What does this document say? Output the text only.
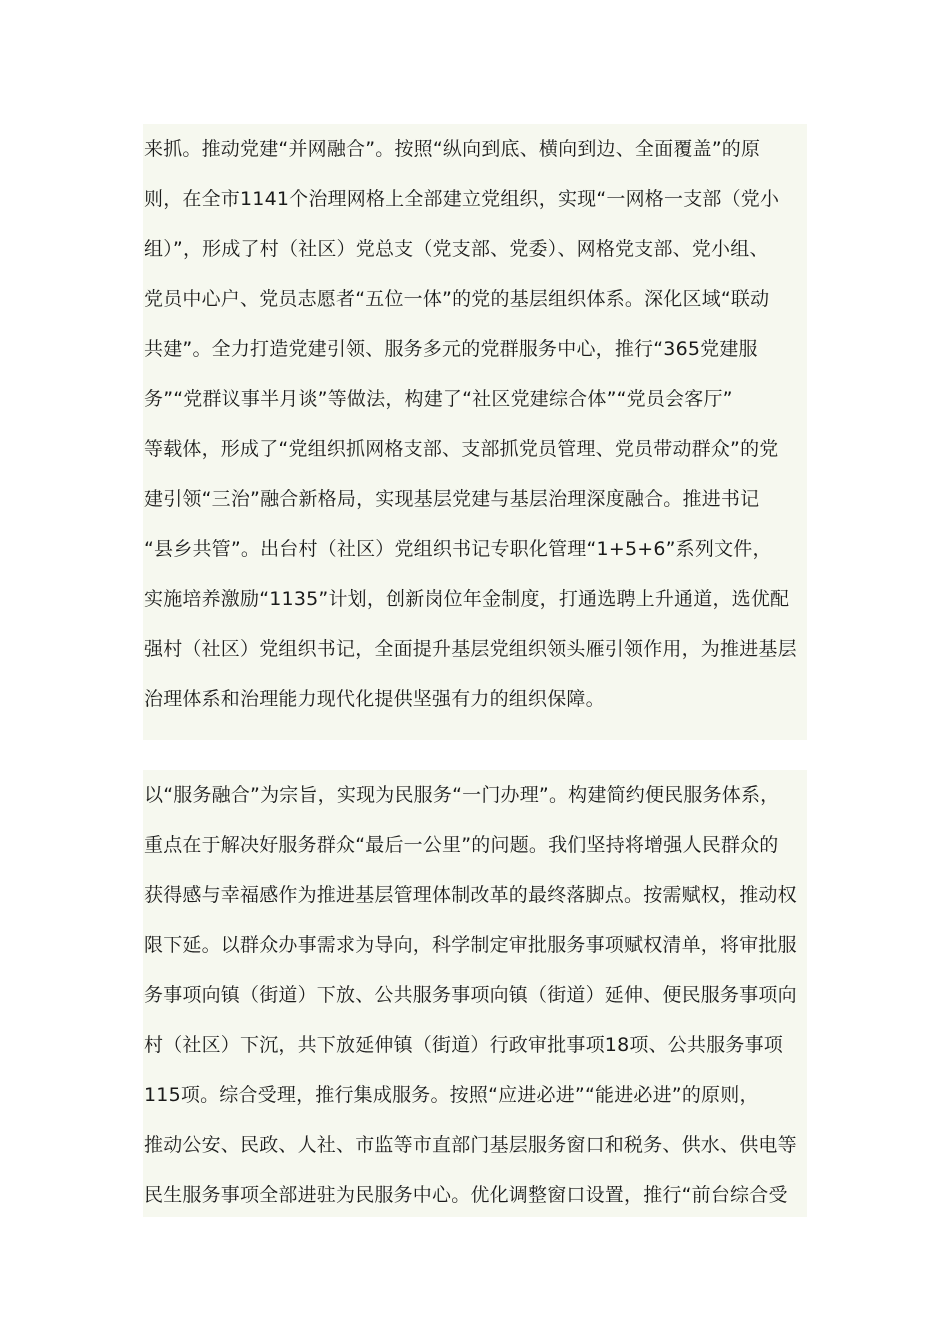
来抓。推动党建“并网融合”。按照“纵向到底、横向到边、全面覆盖”的原
则，在全市1141个治理网格上全部建立党组织，实现“一网格一支部（党小
组）”，形成了村（社区）党总支（党支部、党委）、网格党支部、党小组、
党员中心户、党员志愿者“五位一体”的党的基层组织体系。深化区域“联动
共建”。全力打造党建引领、服务多元的党群服务中心，推行“365党建服
务”“党群议事半月谈”等做法，构建了“社区党建综合体”“党员会客厅”
等载体，形成了“党组织抓网格支部、支部抓党员管理、党员带动群众”的党
建引领“三治”融合新格局，实现基层党建与基层治理深度融合。推进书记
“县乡共管”。出台村（社区）党组织书记专职化管理“1+5+6”系列文件，
实施培养激励“1135”计划，创新岗位年金制度，打通选聘上升通道，选优配
强村（社区）党组织书记，全面提升基层党组织领头雁引领作用，为推进基层
治理体系和治理能力现代化提供坚强有力的组织保障。
以“服务融合”为宗旨，实现为民服务“一门办理”。构建简约便民服务体系，
重点在于解决好服务群众“最后一公里”的问题。我们坚持将增强人民群众的
获得感与幸福感作为推进基层管理体制改革的最终落脚点。按需赋权，推动权
限下延。以群众办事需求为导向，科学制定审批服务事项赋权清单，将审批服
务事项向镇（街道）下放、公共服务事项向镇（街道）延伸、便民服务事项向
村（社区）下沉，共下放延伸镇（街道）行政审批事项18项、公共服务事项
115项。综合受理，推行集成服务。按照“应进必进”“能进必进”的原则，
推动公安、民政、人社、市监等市直部门基层服务窗口和税务、供水、供电等
民生服务事项全部进驻为民服务中心。优化调整窗口设置，推行“前台综合受
